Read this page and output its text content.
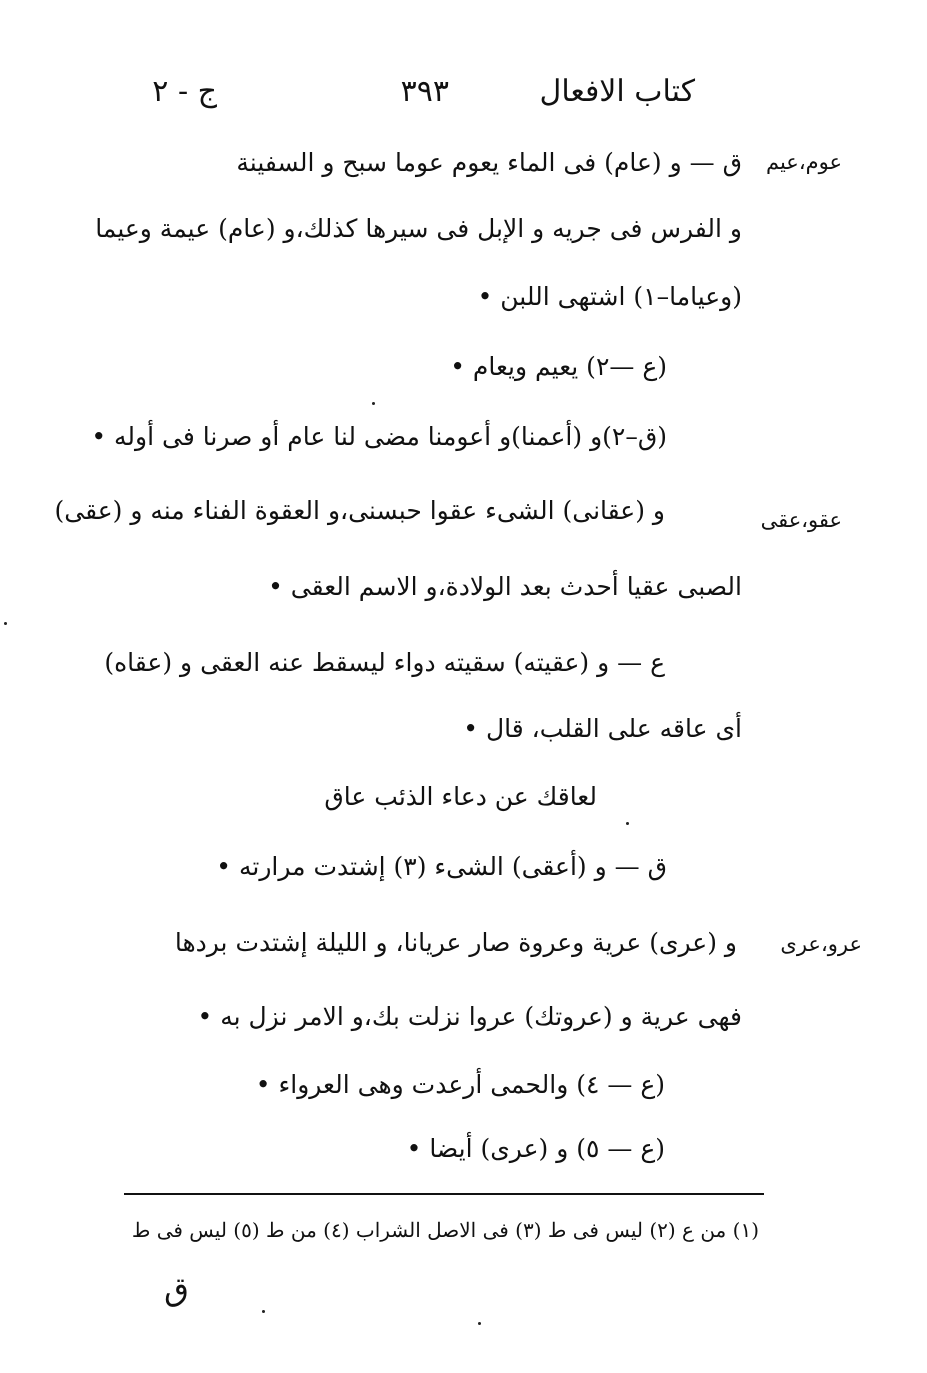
كتاب الافعال
٣٩٣
ج - ٢
عوم،عيم
عقو،عقى
عرو،عرى
ق — و (عام) فى الماء يعوم عوما سبح و السفينة
و الفرس فى جريه و الإبل فى سيرها كذلك،و (عام) عيمة وعيما
(وعياما–١) اشتهى اللبن •
(ع —٢) يعيم ويعام •
(ق–٢)و (أعمنا)و أعومنا مضى لنا عام أو صرنا فى أوله •
و (عقانى) الشىء عقوا حبسنى،و العقوة الفناء منه و (عقى)
الصبى عقيا أحدث بعد الولادة،و الاسم العقى •
ع — و (عقيته) سقيته دواء ليسقط عنه العقى و (عقاه)
أى عاقه على القلب، قال •
لعاقك عن دعاء الذئب عاق
ق — و (أعقى) الشىء (٣) إشتدت مرارته •
و (عرى) عرية وعروة صار عريانا، و الليلة إشتدت بردها
فهى عرية و (عروتك) عروا نزلت بك،و الامر نزل به •
(ع — ٤) والحمى أرعدت وهى العرواء •
(ع — ٥) و (عرى) أيضا •
(١) من ع (٢) ليس فى ط (٣) فى الاصل الشراب (٤) من ط (٥) ليس فى ط
ق
